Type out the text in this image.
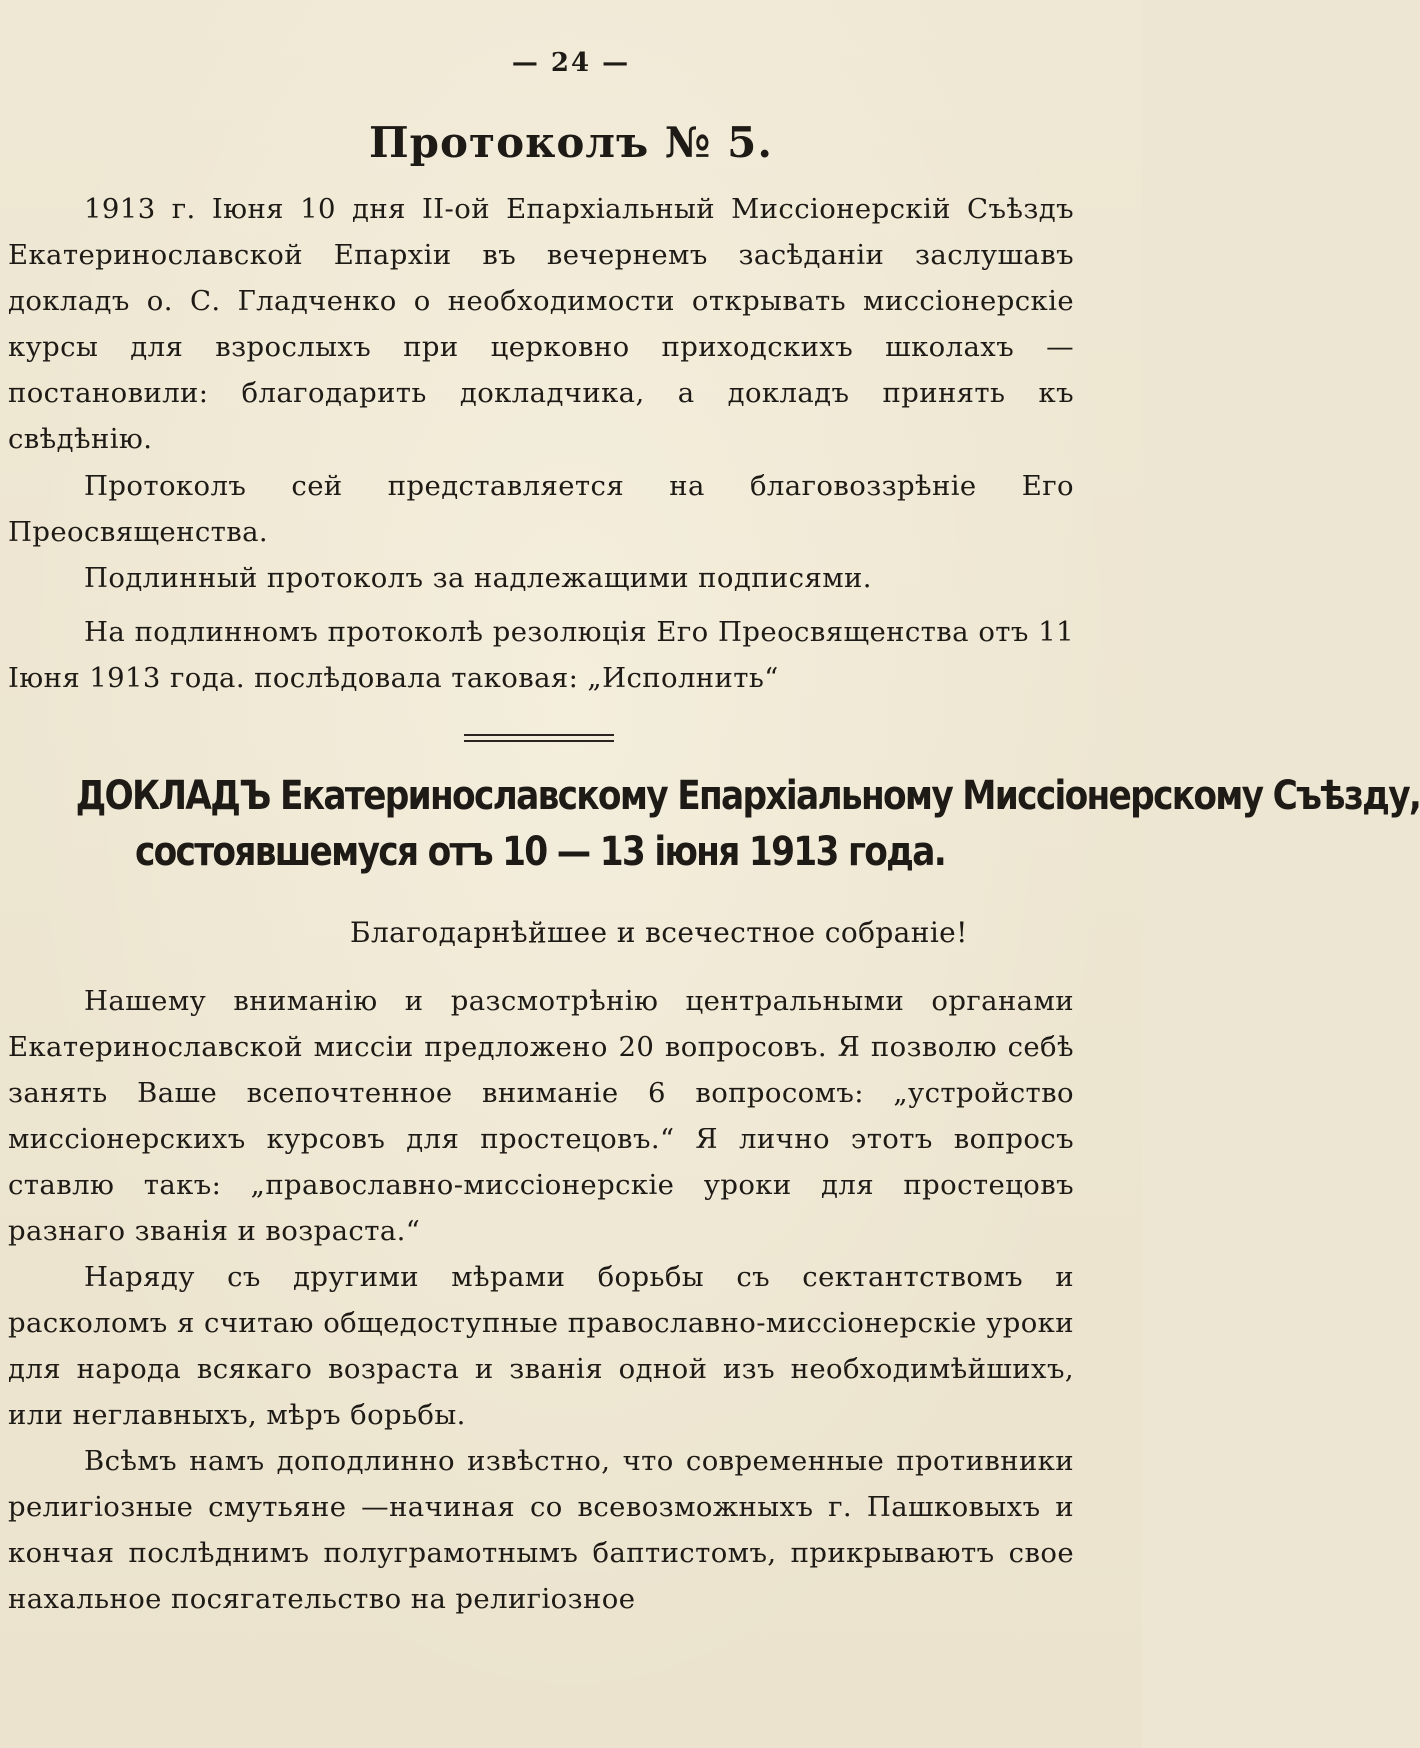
— 24 —
Протоколъ № 5.

1913 г. Іюня 10 дня II-ой Епархіальный Миссіонерскій Съѣздъ Екатеринославской Епархіи въ вечернемъ засѣданіи заслушавъ докладъ о. С. Гладченко о необходимости открывать миссіонерскіе курсы для взрослыхъ при церковно приходскихъ школахъ —постановили: благодарить докладчика, а докладъ принять къ свѣдѣнію.

Протоколъ сей представляется на благовоззрѣніе Его Преосвященства.

Подлинный протоколъ за надлежащими подписями.

На подлинномъ протоколѣ резолюція Его Преосвященства отъ 11 Іюня 1913 года. послѣдовала таковая: „Исполнить“

ДОКЛАДЪ Екатеринославскому Епархіальному Миссіонерскому Съѣзду,
состоявшемуся отъ 10 — 13 іюня 1913 года.
Благодарнѣйшее и всечестное собраніе!

Нашему вниманію и разсмотрѣнію центральными органами Екатеринославской миссіи предложено 20 вопросовъ. Я позволю себѣ занять Ваше всепочтенное вниманіе 6 вопросомъ: „устройство миссіонерскихъ курсовъ для простецовъ.“ Я лично этотъ вопросъ ставлю такъ: „православно-миссіонерскіе уроки для простецовъ разнаго званія и возраста.“

Наряду съ другими мѣрами борьбы съ сектантствомъ и расколомъ я считаю общедоступные православно-миссіонерскіе уроки для народа всякаго возраста и званія одной изъ необходимѣйшихъ, или неглавныхъ, мѣръ борьбы.

Всѣмъ намъ доподлинно извѣстно, что современные противники религіозные смутьяне —начиная со всевозможныхъ г. Пашковыхъ и кончая послѣднимъ полуграмотнымъ баптистомъ, прикрываютъ свое нахальное посягательство на религіозное
